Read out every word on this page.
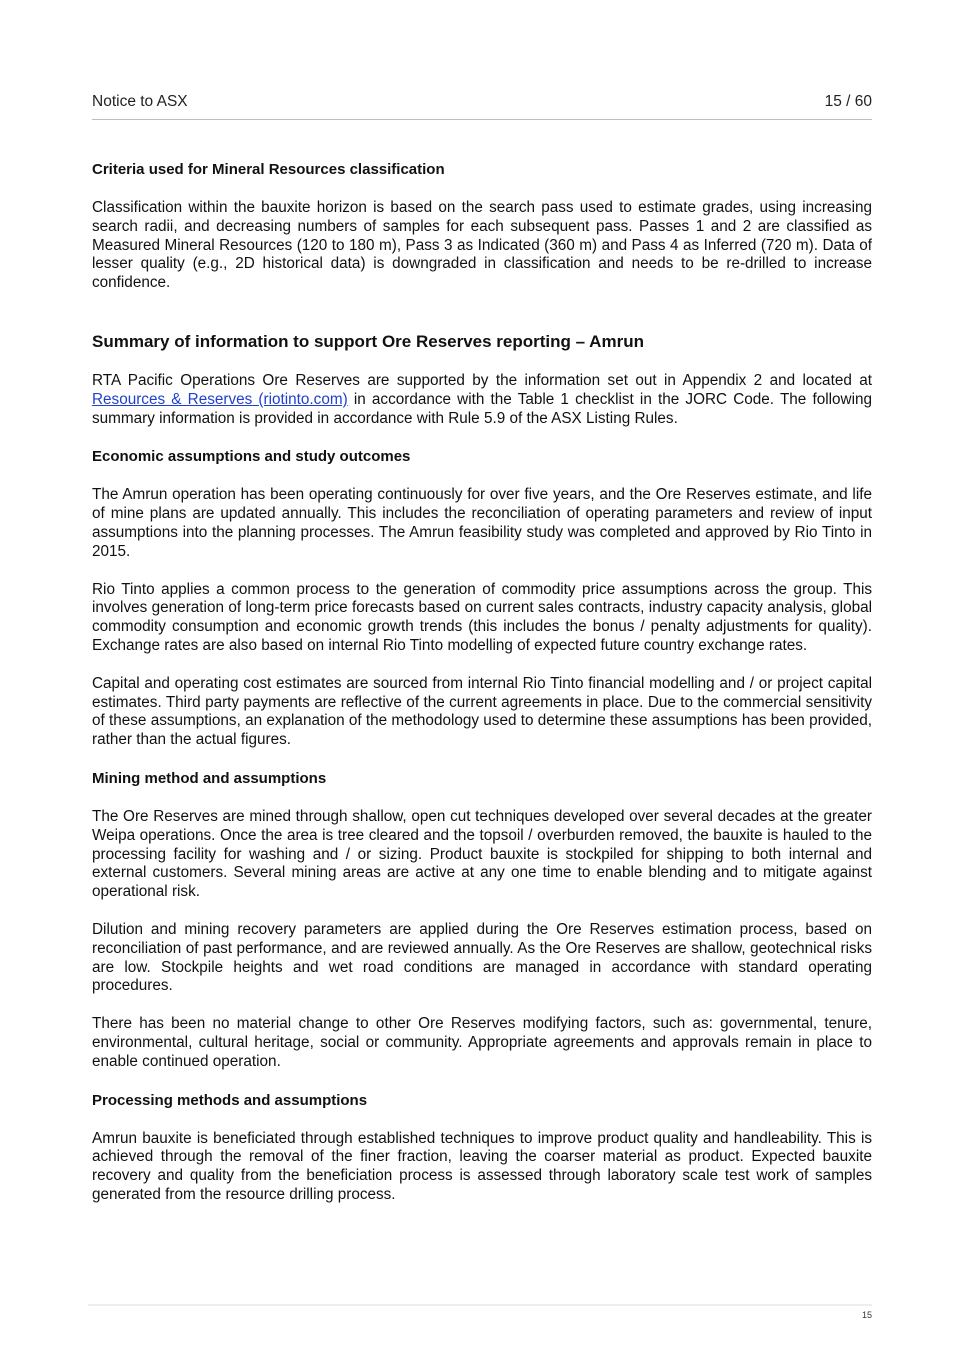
Notice to ASX	15 / 60
Criteria used for Mineral Resources classification

Classification within the bauxite horizon is based on the search pass used to estimate grades, using increasing search radii, and decreasing numbers of samples for each subsequent pass. Passes 1 and 2 are classified as Measured Mineral Resources (120 to 180 m), Pass 3 as Indicated (360 m) and Pass 4 as Inferred (720 m). Data of lesser quality (e.g., 2D historical data) is downgraded in classification and needs to be re-drilled to increase confidence.

Summary of information to support Ore Reserves reporting – Amrun

RTA Pacific Operations Ore Reserves are supported by the information set out in Appendix 2 and located at Resources & Reserves (riotinto.com) in accordance with the Table 1 checklist in the JORC Code. The following summary information is provided in accordance with Rule 5.9 of the ASX Listing Rules.

Economic assumptions and study outcomes

The Amrun operation has been operating continuously for over five years, and the Ore Reserves estimate, and life of mine plans are updated annually. This includes the reconciliation of operating parameters and review of input assumptions into the planning processes. The Amrun feasibility study was completed and approved by Rio Tinto in 2015.

Rio Tinto applies a common process to the generation of commodity price assumptions across the group. This involves generation of long-term price forecasts based on current sales contracts, industry capacity analysis, global commodity consumption and economic growth trends (this includes the bonus / penalty adjustments for quality). Exchange rates are also based on internal Rio Tinto modelling of expected future country exchange rates.

Capital and operating cost estimates are sourced from internal Rio Tinto financial modelling and / or project capital estimates. Third party payments are reflective of the current agreements in place. Due to the commercial sensitivity of these assumptions, an explanation of the methodology used to determine these assumptions has been provided, rather than the actual figures.

Mining method and assumptions

The Ore Reserves are mined through shallow, open cut techniques developed over several decades at the greater Weipa operations. Once the area is tree cleared and the topsoil / overburden removed, the bauxite is hauled to the processing facility for washing and / or sizing. Product bauxite is stockpiled for shipping to both internal and external customers. Several mining areas are active at any one time to enable blending and to mitigate against operational risk.

Dilution and mining recovery parameters are applied during the Ore Reserves estimation process, based on reconciliation of past performance, and are reviewed annually. As the Ore Reserves are shallow, geotechnical risks are low. Stockpile heights and wet road conditions are managed in accordance with standard operating procedures.

There has been no material change to other Ore Reserves modifying factors, such as: governmental, tenure, environmental, cultural heritage, social or community. Appropriate agreements and approvals remain in place to enable continued operation.

Processing methods and assumptions

Amrun bauxite is beneficiated through established techniques to improve product quality and handleability. This is achieved through the removal of the finer fraction, leaving the coarser material as product. Expected bauxite recovery and quality from the beneficiation process is assessed through laboratory scale test work of samples generated from the resource drilling process.

15
